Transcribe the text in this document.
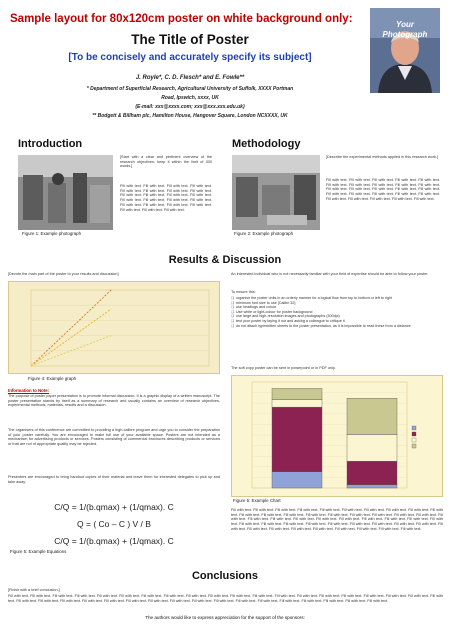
Sample layout for 80x120cm poster on white background only:
The Title of Poster
[To be concisely and accurately specify its subject]
J. Royle*, C. D. Flesch* and E. Fowle**
* Department of Superficial Research, Agricultural University of Suffolk, XXXX Portman
Road, Ipswich, xxxx, UK
(E-mail: xxx@xxxx.com; xxx@xxx.xxx.edu.uk)
** Bodgett & Billham plc, Hamilton House, Hangover Square, London NCXXXX, UK
Your
Photograph
Introduction
Figure 1: Example photograph
[Start with a clear and pertinent overview of the research objectives; keep it within the limit of 300 words.]
Fill with text. Fill with text. Fill with text. Fill with text. Fill with text. Fill with text. Fill with text. Fill with text. Fill with text. Fill with text. Fill with text. Fill with text. Fill with text. Fill with text. Fill with text. Fill with text. Fill with text. Fill with text. Fill with text. Fill with text. Fill with text. Fill with text. Fill with text.
Methodology
Figure 2: Example photograph
[Describe the experimental methods applied in this research work.]
Fill with text. Fill with text. Fill with text. Fill with text. Fill with text. Fill with text. Fill with text. Fill with text. Fill with text. Fill with text. Fill with text. Fill with text. Fill with text. Fill with text. Fill with text. Fill with text. Fill with text. Fill with text. Fill with text. Fill with text. Fill with text. Fill with text. Fill with text. Fill with text. Fill with text.
Results & Discussion
[Devote the main part of the poster to your results and discussion]
Figure 4: Example graph
Information to Note:
The purpose of poster paper presentation is to promote informal discussion. It is a graphic display of a written manuscript. The poster presentation stands by itself as a summary of research and usually contains an overview of research objectives, experimental methods, materials, results and a discussion.
The organisers of this conference are committed to providing a high-calibre program and urge you to consider the preparation of your poster carefully. You are encouraged to make full use of your available space. Posters are not intended as a mechanism for advertising products or services. Posters consisting of commercial brochures describing products or services or that are not of appropriate quality may be rejected.
Presenters are encouraged to bring handout copies of their material and leave them for interested delegates to pick up and take away.
C/Q = 1/(b.qmax) + (1/qmax). C
Q = ( Co – C ) V / B
C/Q = 1/(b.qmax) + (1/qmax). C
Figure 5: Example Equations
An interested individual who is not necessarily familiar with your field of expertise should be able to follow your poster.
To ensure this:
❑ organise the poster units in an orderly manner for a logical flow from top to bottom or left to right
❑ minimum font size to use [Calibri 32]
❑ use headings and colour
❑ Use white or light-colour for poster background
❑ use large and high-resolution images and photographs (300dpi)
❑ test your poster by laying it out and asking a colleague to critique it
❑ do not attach typewritten sheets to the poster presentation, as it is impossible to read these from a distance
The soft copy poster can be sent in powerpoint or in PDF only.
Figure 6: Example Chart
Fill with text. Fill with text. Fill with text. Fill with text. Fill with text. Fill with text. Fill with text. Fill with text. Fill with text. Fill with text. Fill with text. Fill with text. Fill with text. Fill with text. Fill with text. Fill with text. Fill with text. Fill with text. Fill with text. Fill with text. Fill with text. Fill with text. Fill with text. Fill with text. Fill with text. Fill with text. Fill with text. Fill with text. Fill with text. Fill with text. Fill with text. Fill with text. Fill with text. Fill with text. Fill with text. Fill with text. Fill with text. Fill with text. Fill with text. Fill with text. Fill with text. Fill with text. Fill with text. Fill with text. Fill with text. Fill with text. Fill with text.
Conclusions
[Finish with a brief conclusion.]
Fill with text. Fill with text. Fill with text. Fill with text. Fill with text. Fill with text. Fill with text. Fill with text. Fill with text. Fill with text. Fill with text. Fill with text. Fill with text. Fill with text. Fill with text. Fill with text. Fill with text. Fill with text. Fill with text. Fill with text. Fill with text. Fill with text. Fill with text. Fill with text. Fill with text. Fill with text. Fill with text. Fill with text. Fill with text. Fill with text. Fill with text. Fill with text. Fill with text. Fill with text. Fill with text. Fill with text. Fill with text.
The authors would like to express appreciation for the support of the sponsors:
